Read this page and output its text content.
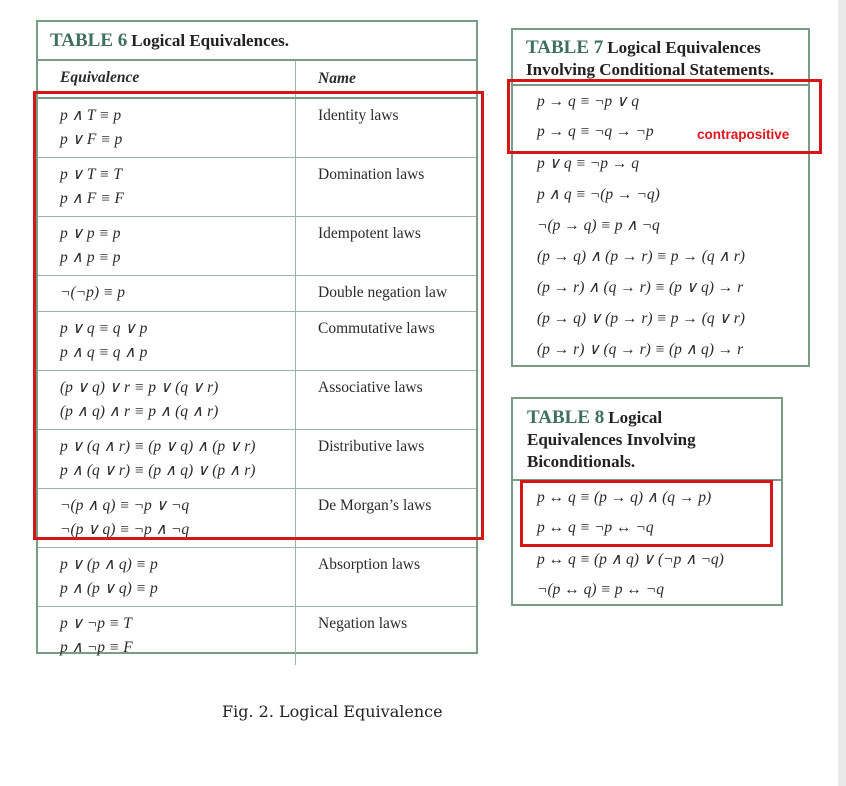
TABLE 6 Logical Equivalences.
Equivalence	Name
p ∧ T ≡ p
p ∨ F ≡ p
Identity laws
p ∨ T ≡ T
p ∧ F ≡ F
Domination laws
p ∨ p ≡ p
p ∧ p ≡ p
Idempotent laws
¬(¬p) ≡ p	Double negation law
p ∨ q ≡ q ∨ p
p ∧ q ≡ q ∧ p
Commutative laws
(p ∨ q) ∨ r ≡ p ∨ (q ∨ r)
(p ∧ q) ∧ r ≡ p ∧ (q ∧ r)
Associative laws
p ∨ (q ∧ r) ≡ (p ∨ q) ∧ (p ∨ r)
p ∧ (q ∨ r) ≡ (p ∧ q) ∨ (p ∧ r)
Distributive laws
¬(p ∧ q) ≡ ¬p ∨ ¬q
¬(p ∨ q) ≡ ¬p ∧ ¬q
De Morgan’s laws
p ∨ (p ∧ q) ≡ p
p ∧ (p ∨ q) ≡ p
Absorption laws
p ∨ ¬p ≡ T
p ∧ ¬p ≡ F
Negation laws
TABLE 7 Logical Equivalences
Involving Conditional Statements.
p → q ≡ ¬p ∨ q
p → q ≡ ¬q → ¬p
p ∨ q ≡ ¬p → q
p ∧ q ≡ ¬(p → ¬q)
¬(p → q) ≡ p ∧ ¬q
(p → q) ∧ (p → r) ≡ p → (q ∧ r)
(p → r) ∧ (q → r) ≡ (p ∨ q) → r
(p → q) ∨ (p → r) ≡ p → (q ∨ r)
(p → r) ∨ (q → r) ≡ (p ∧ q) → r
contrapositive
TABLE 8 Logical
Equivalences Involving
Biconditionals.
p ↔ q ≡ (p → q) ∧ (q → p)
p ↔ q ≡ ¬p ↔ ¬q
p ↔ q ≡ (p ∧ q) ∨ (¬p ∧ ¬q)
¬(p ↔ q) ≡ p ↔ ¬q
Fig. 2. Logical Equivalence
